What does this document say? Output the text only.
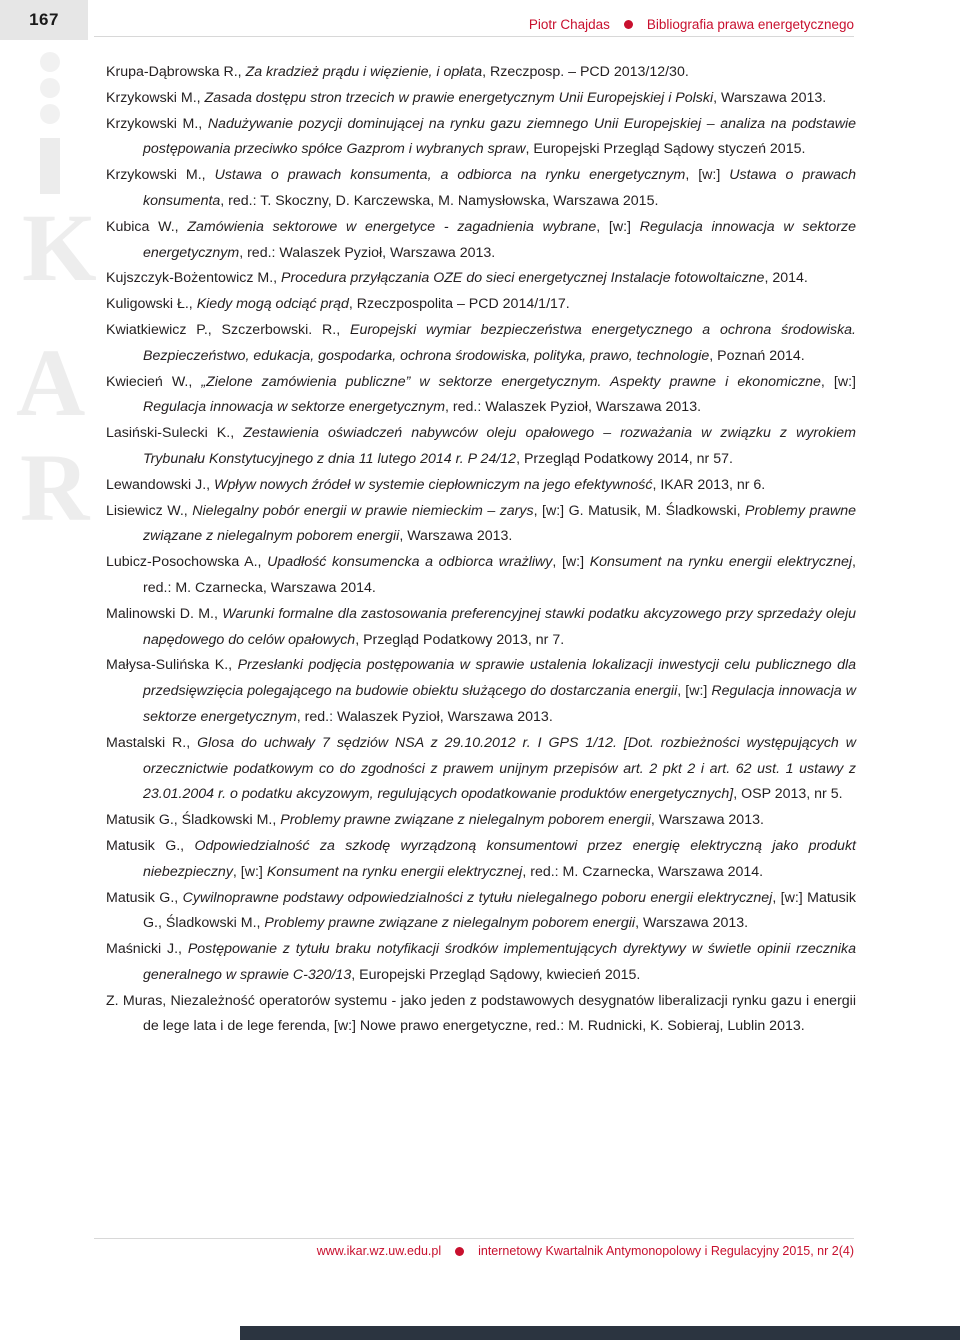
167	Piotr Chajdas	Bibliografia prawa energetycznego
K
A
R
Krupa-Dąbrowska R., Za kradzież prądu i więzienie, i opłata, Rzeczposp. – PCD 2013/12/30.
Krzykowski M., Zasada dostępu stron trzecich w prawie energetycznym Unii Europejskiej i Polski, Warszawa 2013.
Krzykowski M., Nadużywanie pozycji dominującej na rynku gazu ziemnego Unii Europejskiej – analiza na podstawie postępowania przeciwko spółce Gazprom i wybranych spraw, Europejski Przegląd Sądowy styczeń 2015.
Krzykowski M., Ustawa o prawach konsumenta, a odbiorca na rynku energetycznym, [w:] Ustawa o prawach konsumenta, red.: T. Skoczny, D. Karczewska, M. Namysłowska, Warszawa 2015.
Kubica W., Zamówienia sektorowe w energetyce - zagadnienia wybrane, [w:] Regulacja innowacja w sektorze energetycznym, red.: Walaszek Pyzioł, Warszawa 2013.
Kujszczyk-Bożentowicz M., Procedura przyłączania OZE do sieci energetycznej Instalacje fotowoltaiczne, 2014.
Kuligowski Ł., Kiedy mogą odciąć prąd, Rzeczpospolita – PCD 2014/1/17.
Kwiatkiewicz P., Szczerbowski. R., Europejski wymiar bezpieczeństwa energetycznego a ochrona środowiska. Bezpieczeństwo, edukacja, gospodarka, ochrona środowiska, polityka, prawo, technologie, Poznań 2014.
Kwiecień W., „Zielone zamówienia publiczne” w sektorze energetycznym. Aspekty prawne i ekonomiczne, [w:] Regulacja innowacja w sektorze energetycznym, red.: Walaszek Pyzioł, Warszawa 2013.
Lasiński-Sulecki K., Zestawienia oświadczeń nabywców oleju opałowego – rozważania w związku z wyrokiem Trybunału Konstytucyjnego z dnia 11 lutego 2014 r. P 24/12, Przegląd Podatkowy 2014, nr 57.
Lewandowski J., Wpływ nowych źródeł w systemie ciepłowniczym na jego efektywność, IKAR 2013, nr 6.
Lisiewicz W., Nielegalny pobór energii w prawie niemieckim – zarys, [w:] G. Matusik, M. Śladkowski, Problemy prawne związane z nielegalnym poborem energii, Warszawa 2013.
Lubicz-Posochowska A., Upadłość konsumencka a odbiorca wrażliwy, [w:] Konsument na rynku energii elektrycznej, red.: M. Czarnecka, Warszawa 2014.
Malinowski D. M., Warunki formalne dla zastosowania preferencyjnej stawki podatku akcyzowego przy sprzedaży oleju napędowego do celów opałowych, Przegląd Podatkowy 2013, nr 7.
Małysa-Sulińska K., Przesłanki podjęcia postępowania w sprawie ustalenia lokalizacji inwestycji celu publicznego dla przedsięwzięcia polegającego na budowie obiektu służącego do dostarczania energii, [w:] Regulacja innowacja w sektorze energetycznym, red.: Walaszek Pyzioł, Warszawa 2013.
Mastalski R., Glosa do uchwały 7 sędziów NSA z 29.10.2012 r. I GPS 1/12. [Dot. rozbieżności występujących w orzecznictwie podatkowym co do zgodności z prawem unijnym przepisów art. 2 pkt 2 i art. 62 ust. 1 ustawy z 23.01.2004 r. o podatku akcyzowym, regulujących opodatkowanie produktów energetycznych], OSP 2013, nr 5.
Matusik G., Śladkowski M., Problemy prawne związane z nielegalnym poborem energii, Warszawa 2013.
Matusik G., Odpowiedzialność za szkodę wyrządzoną konsumentowi przez energię elektryczną jako produkt niebezpieczny, [w:] Konsument na rynku energii elektrycznej, red.: M. Czarnecka, Warszawa 2014.
Matusik G., Cywilnoprawne podstawy odpowiedzialności z tytułu nielegalnego poboru energii elektrycznej, [w:] Matusik G., Śladkowski M., Problemy prawne związane z nielegalnym poborem energii, Warszawa 2013.
Maśnicki J., Postępowanie z tytułu braku notyfikacji środków implementujących dyrektywy w świetle opinii rzecznika generalnego w sprawie C-320/13, Europejski Przegląd Sądowy, kwiecień 2015.
Z. Muras, Niezależność operatorów systemu - jako jeden z podstawowych desygnatów liberalizacji rynku gazu i energii de lege lata i de lege ferenda, [w:] Nowe prawo energetyczne, red.: M. Rudnicki, K. Sobieraj, Lublin 2013.
www.ikar.wz.uw.edu.pl	internetowy Kwartalnik Antymonopolowy i Regulacyjny 2015, nr 2(4)
